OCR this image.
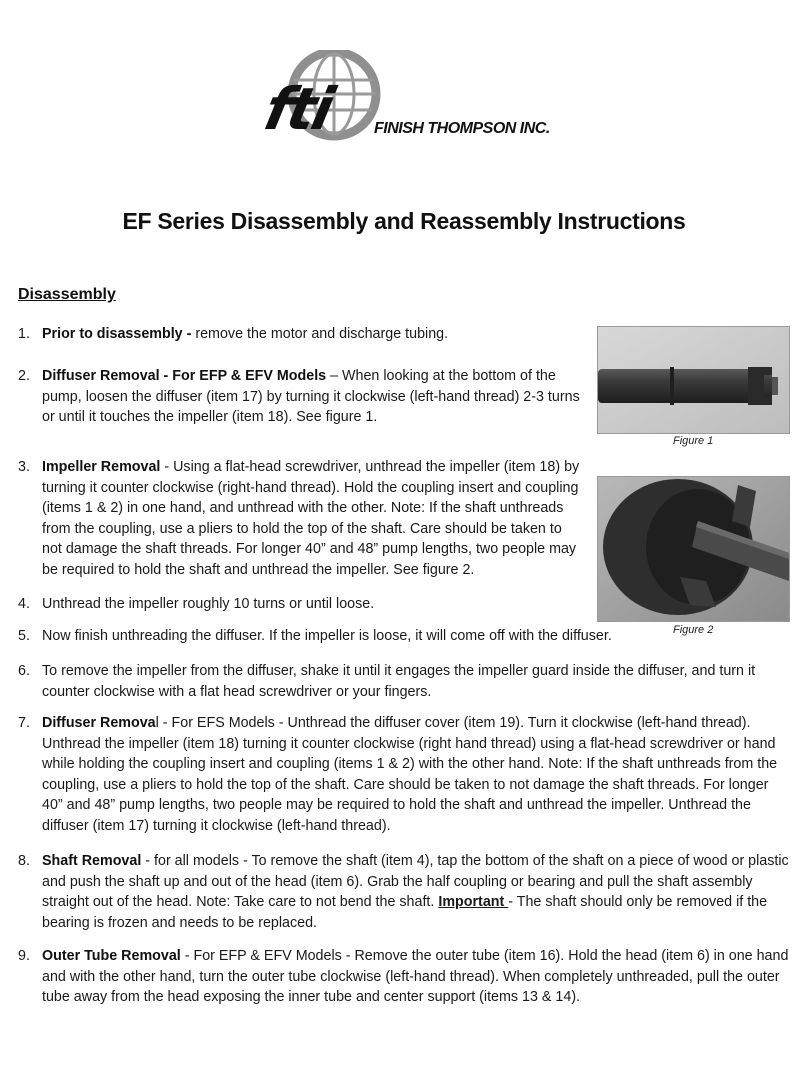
fti FINISH THOMPSON INC.
EF Series Disassembly and Reassembly Instructions
Disassembly
1. Prior to disassembly - remove the motor and discharge tubing.
2. Diffuser Removal - For EFP & EFV Models – When looking at the bottom of the pump, loosen the diffuser (item 17) by turning it clockwise (left-hand thread) 2-3 turns or until it touches the impeller (item 18). See figure 1.
3. Impeller Removal - Using a flat-head screwdriver, unthread the impeller (item 18) by turning it counter clockwise (right-hand thread). Hold the coupling insert and coupling (items 1 & 2) in one hand, and unthread with the other. Note: If the shaft unthreads from the coupling, use a pliers to hold the top of the shaft. Care should be taken to not damage the shaft threads. For longer 40” and 48” pump lengths, two people may be required to hold the shaft and unthread the impeller. See figure 2.
4. Unthread the impeller roughly 10 turns or until loose.
5. Now finish unthreading the diffuser. If the impeller is loose, it will come off with the diffuser.
6. To remove the impeller from the diffuser, shake it until it engages the impeller guard inside the diffuser, and turn it counter clockwise with a flat head screwdriver or your fingers.
7. Diffuser Removal - For EFS Models - Unthread the diffuser cover (item 19). Turn it clockwise (left-hand thread). Unthread the impeller (item 18) turning it counter clockwise (right hand thread) using a flat-head screwdriver or hand while holding the coupling insert and coupling (items 1 & 2) with the other hand. Note: If the shaft unthreads from the coupling, use a pliers to hold the top of the shaft. Care should be taken to not damage the shaft threads. For longer 40” and 48” pump lengths, two people may be required to hold the shaft and unthread the impeller. Unthread the diffuser (item 17) turning it clockwise (left-hand thread).
8. Shaft Removal - for all models - To remove the shaft (item 4), tap the bottom of the shaft on a piece of wood or plastic and push the shaft up and out of the head (item 6). Grab the half coupling or bearing and pull the shaft assembly straight out of the head. Note: Take care to not bend the shaft. Important - The shaft should only be removed if the bearing is frozen and needs to be replaced.
9. Outer Tube Removal - For EFP & EFV Models - Remove the outer tube (item 16). Hold the head (item 6) in one hand and with the other hand, turn the outer tube clockwise (left-hand thread). When completely unthreaded, pull the outer tube away from the head exposing the inner tube and center support (items 13 & 14).
Figure 1
Figure 2
